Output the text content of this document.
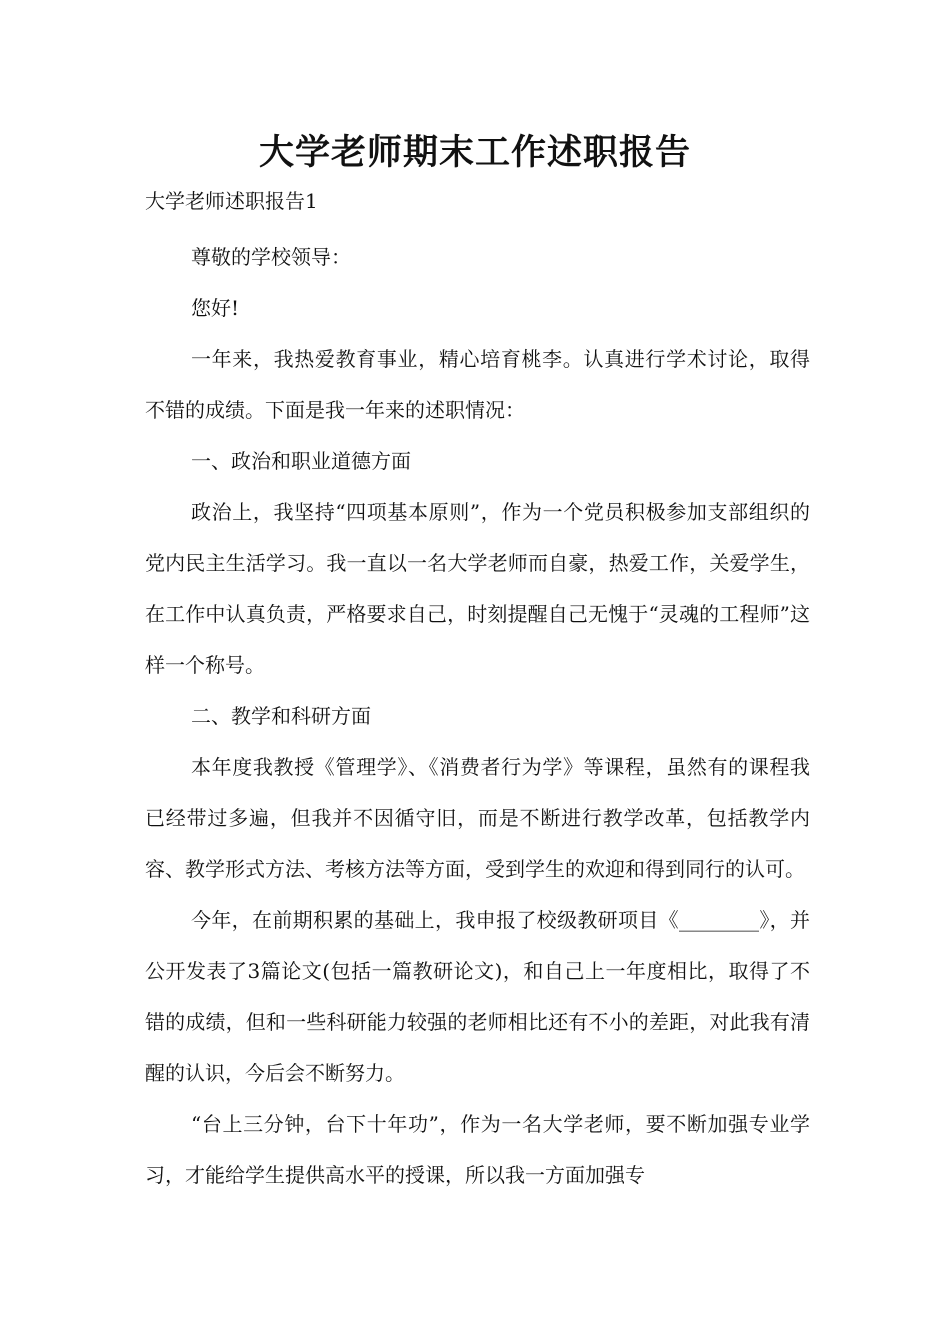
大学老师期末工作述职报告

大学老师述职报告1

尊敬的学校领导：

您好!

一年来，我热爱教育事业，精心培育桃李。认真进行学术讨论，取得不错的成绩。下面是我一年来的述职情况：

一、政治和职业道德方面

政治上，我坚持“四项基本原则”，作为一个党员积极参加支部组织的党内民主生活学习。我一直以一名大学老师而自豪，热爱工作，关爱学生，在工作中认真负责，严格要求自己，时刻提醒自己无愧于“灵魂的工程师”这样一个称号。

二、教学和科研方面

本年度我教授《管理学》、《消费者行为学》等课程，虽然有的课程我已经带过多遍，但我并不因循守旧，而是不断进行教学改革，包括教学内容、教学形式方法、考核方法等方面，受到学生的欢迎和得到同行的认可。

今年，在前期积累的基础上，我申报了校级教研项目《________》，并公开发表了3篇论文(包括一篇教研论文)，和自己上一年度相比，取得了不错的成绩，但和一些科研能力较强的老师相比还有不小的差距，对此我有清醒的认识，今后会不断努力。

“台上三分钟，台下十年功”，作为一名大学老师，要不断加强专业学习，才能给学生提供高水平的授课，所以我一方面加强专
